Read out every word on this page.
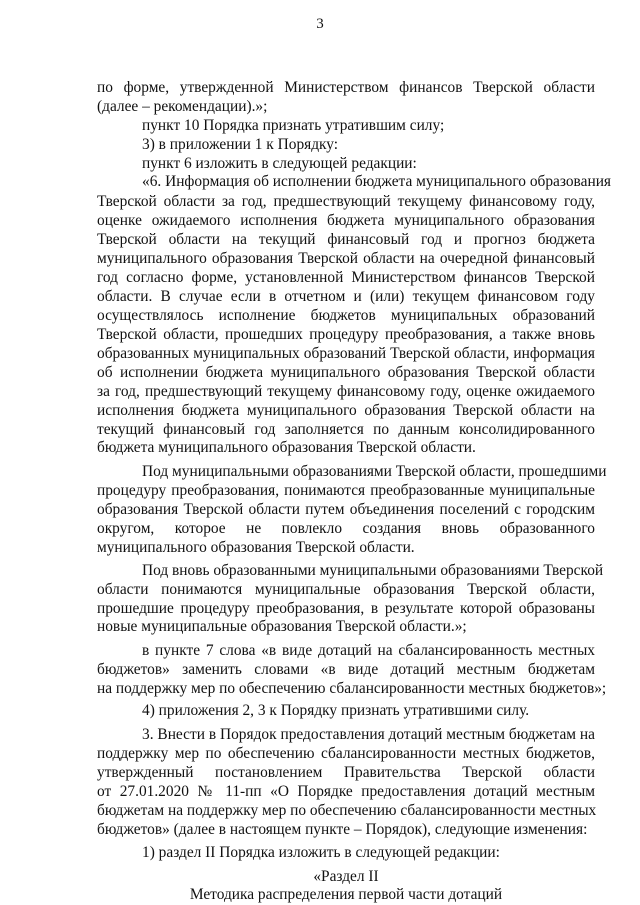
3
по форме, утвержденной Министерством финансов Тверской области
(далее – рекомендации).»;
пункт 10 Порядка признать утратившим силу;
3) в приложении 1 к Порядку:
пункт 6 изложить в следующей редакции:
«6. Информация об исполнении бюджета муниципального образования
Тверской области за год, предшествующий текущему финансовому году,
оценке ожидаемого исполнения бюджета муниципального образования
Тверской области на текущий финансовый год и прогноз бюджета
муниципального образования Тверской области на очередной финансовый
год согласно форме, установленной Министерством финансов Тверской
области. В случае если в отчетном и (или) текущем финансовом году
осуществлялось исполнение бюджетов муниципальных образований
Тверской области, прошедших процедуру преобразования, а также вновь
образованных муниципальных образований Тверской области, информация
об исполнении бюджета муниципального образования Тверской области
за год, предшествующий текущему финансовому году, оценке ожидаемого
исполнения бюджета муниципального образования Тверской области на
текущий финансовый год заполняется по данным консолидированного
бюджета муниципального образования Тверской области.
Под муниципальными образованиями Тверской области, прошедшими
процедуру преобразования, понимаются преобразованные муниципальные
образования Тверской области путем объединения поселений с городским
округом, которое не повлекло создания вновь образованного
муниципального образования Тверской области.
Под вновь образованными муниципальными образованиями Тверской
области понимаются муниципальные образования Тверской области,
прошедшие процедуру преобразования, в результате которой образованы
новые муниципальные образования Тверской области.»;
в пункте 7 слова «в виде дотаций на сбалансированность местных
бюджетов» заменить словами «в виде дотаций местным бюджетам
на поддержку мер по обеспечению сбалансированности местных бюджетов»;
4) приложения 2, 3 к Порядку признать утратившими силу.
3. Внести в Порядок предоставления дотаций местным бюджетам на
поддержку мер по обеспечению сбалансированности местных бюджетов,
утвержденный постановлением Правительства Тверской области
от 27.01.2020 № 11-пп «О Порядке предоставления дотаций местным
бюджетам на поддержку мер по обеспечению сбалансированности местных
бюджетов» (далее в настоящем пункте – Порядок), следующие изменения:
1) раздел II Порядка изложить в следующей редакции:
«Раздел II
Методика распределения первой части дотаций
